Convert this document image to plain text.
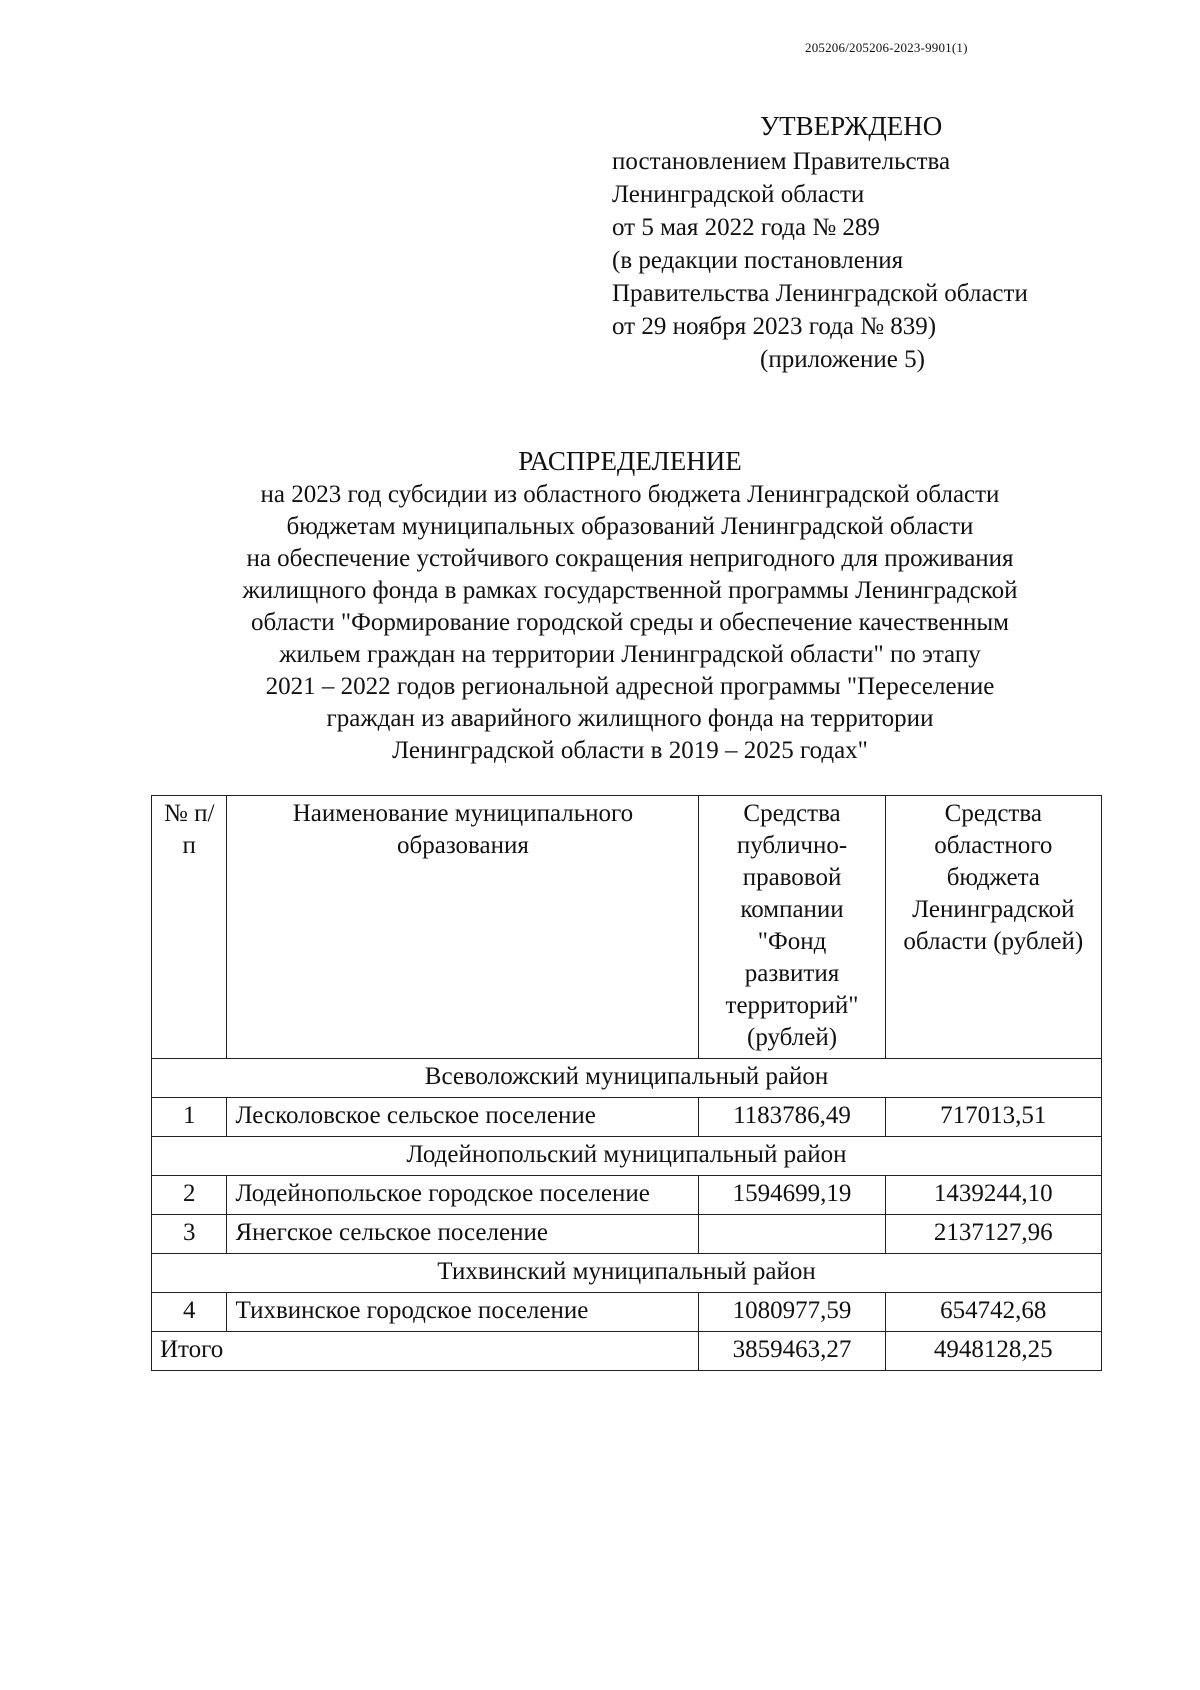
205206/205206-2023-9901(1)
УТВЕРЖДЕНО
постановлением Правительства
Ленинградской области
от 5 мая 2022 года № 289
(в редакции постановления
Правительства Ленинградской области
от 29 ноября 2023 года № 839)
(приложение 5)
РАСПРЕДЕЛЕНИЕ
на 2023 год субсидии из областного бюджета Ленинградской области
бюджетам муниципальных образований Ленинградской области
на обеспечение устойчивого сокращения непригодного для проживания
жилищного фонда в рамках государственной программы Ленинградской
области "Формирование городской среды и обеспечение качественным
жильем граждан на территории Ленинградской области" по этапу
2021 – 2022 годов региональной адресной программы "Переселение
граждан из аварийного жилищного фонда на территории
Ленинградской области в 2019 – 2025 годах"
№ п/п	Наименование муниципального образования	Средства публично-правовой компании "Фонд развития территорий" (рублей)	Средства областного бюджета Ленинградской области (рублей)
Всеволожский муниципальный район			
1	Лесколовское сельское поселение	1183786,49	717013,51
Лодейнопольский муниципальный район			
2	Лодейнопольское городское поселение	1594699,19	1439244,10
3	Янегское сельское поселение		2137127,96
Тихвинский муниципальный район			
4	Тихвинское городское поселение	1080977,59	654742,68
Итого		3859463,27	4948128,25
